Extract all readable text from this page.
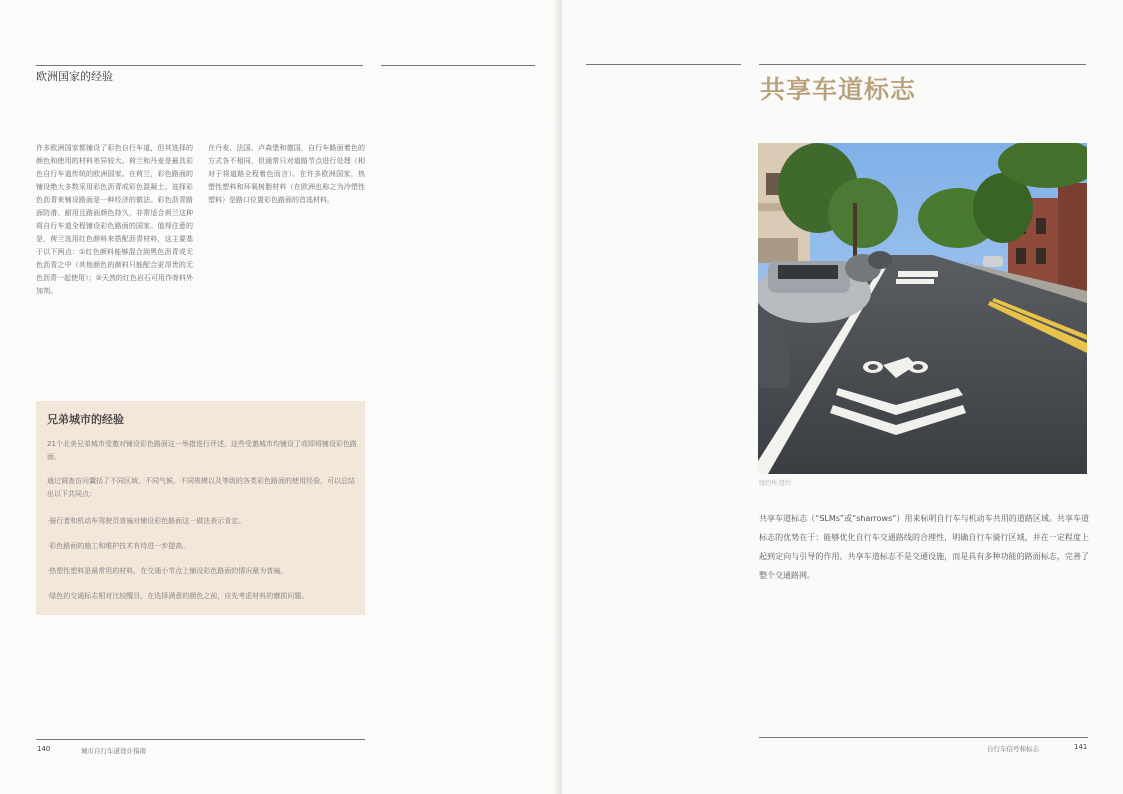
欧洲国家的经验
许多欧洲国家都铺设了彩色自行车道，但其选择的颜色和使用的材料差异较大。荷兰和丹麦是最具彩色自行车道传统的欧洲国家。在荷兰，彩色路面的铺设绝大多数采用彩色沥青或彩色混凝土。选择彩色沥青来铺设路面是一种经济的做法。彩色沥青路面防滑、耐用且路面颜色持久，非常适合荷兰这种将自行车道全程铺设彩色路面的国家。值得注意的是，荷兰选用红色颜料来搭配沥青材料，这主要基于以下两点：①红色颜料能够混合到黑色沥青或无色沥青之中（其他颜色的颜料只能配合更昂贵的无色沥青一起使用）；②天然的红色岩石可用作骨料外加剂。
在丹麦、法国、卢森堡和德国，自行车路面着色的方式各不相同，但通常只对道路节点进行处理（相对于将道路全程着色而言）。在许多欧洲国家，热塑性塑料和环氧树脂材料（在欧洲也称之为冷塑性塑料）是路口位置彩色路面的首选材料。
兄弟城市的经验
21个北美兄弟城市受邀对铺设彩色路面这一举措进行评述，这些受邀城市均铺设了或即将铺设彩色路面。
通过调查访问囊括了不同区域、不同气候、不同规模以及等级的各类彩色路面的使用经验，可以总结出以下共同点：
·骑行者和机动车驾驶员普遍对铺设彩色路面这一做法表示肯定。
·彩色路面的施工和维护技术有待进一步提高。
·热塑性塑料是最常用的材料，在交通小节点上铺设彩色路面的情况最为普遍。
·绿色的交通标志相对比较醒目，在选择满意的颜色之前，应先考虑材料的磨损问题。
140	城市自行车道设计指南
共享车道标志
纽约州 纽约
共享车道标志（“SLMs”或“sharrows”）用来标明自行车与机动车共用的道路区域。共享车道标志的优势在于：能够优化自行车交通路线的合理性，明确自行车骑行区域，并在一定程度上起到定向与引导的作用。共享车道标志不是交通设施，而是具有多种功能的路面标志，完善了整个交通路网。
自行车信号和标志	141
